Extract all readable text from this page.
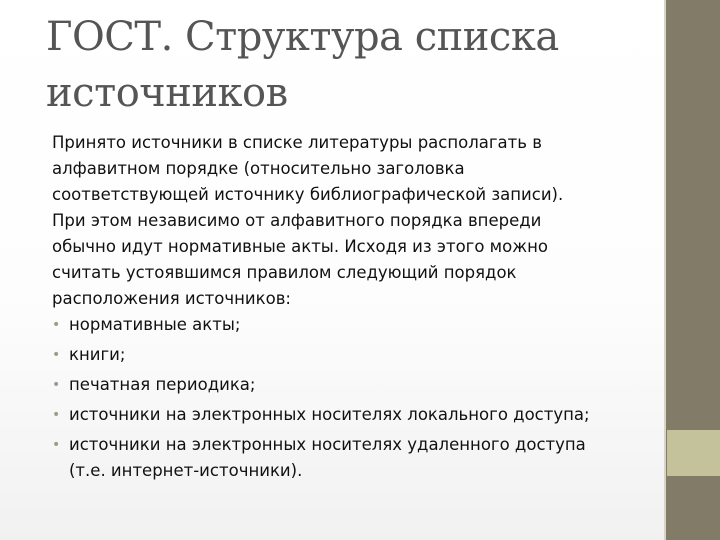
ГОСТ. Структура списка
источников

Принято источники в списке литературы располагать в
алфавитном порядке (относительно заголовка
соответствующей источнику библиографической записи).
При этом независимо от алфавитного порядка впереди
обычно идут нормативные акты. Исходя из этого можно
считать устоявшимся правилом следующий порядок
расположения источников:

• нормативные акты;
• книги;
• печатная периодика;
• источники на электронных носителях локального доступа;
• источники на электронных носителях удаленного доступа
(т.е. интернет-источники).
